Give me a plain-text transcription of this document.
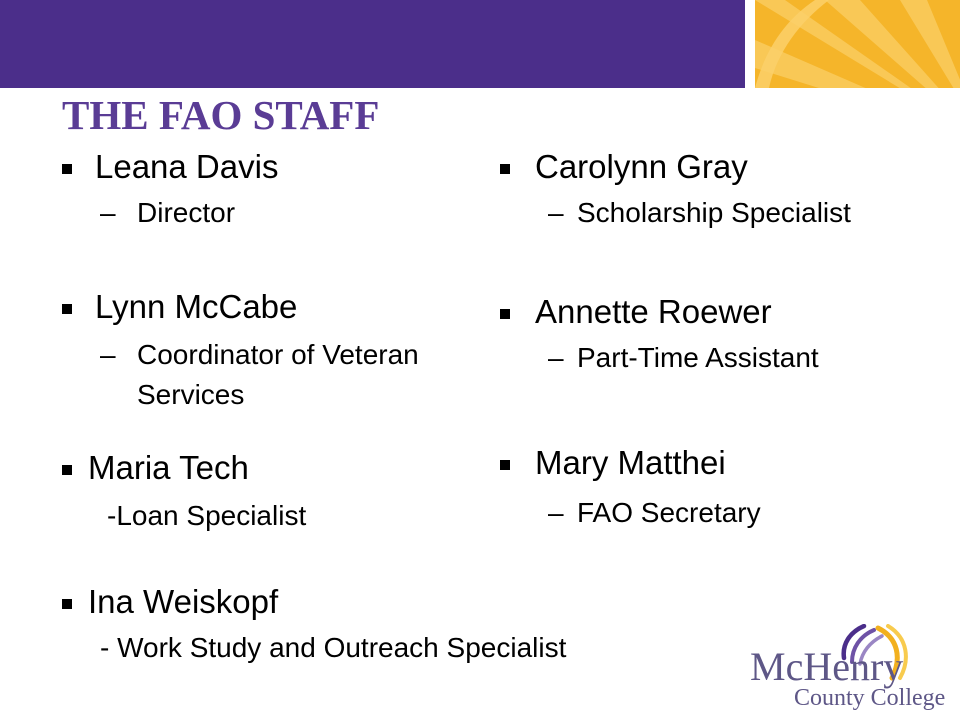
THE FAO STAFF
Leana Davis
– Director
Lynn McCabe
– Coordinator of Veteran Services
Maria Tech
-Loan Specialist
Ina Weiskopf
- Work Study and Outreach Specialist
Carolynn Gray
– Scholarship Specialist
Annette Roewer
– Part-Time Assistant
Mary Matthei
– FAO Secretary
McHenry
County College
